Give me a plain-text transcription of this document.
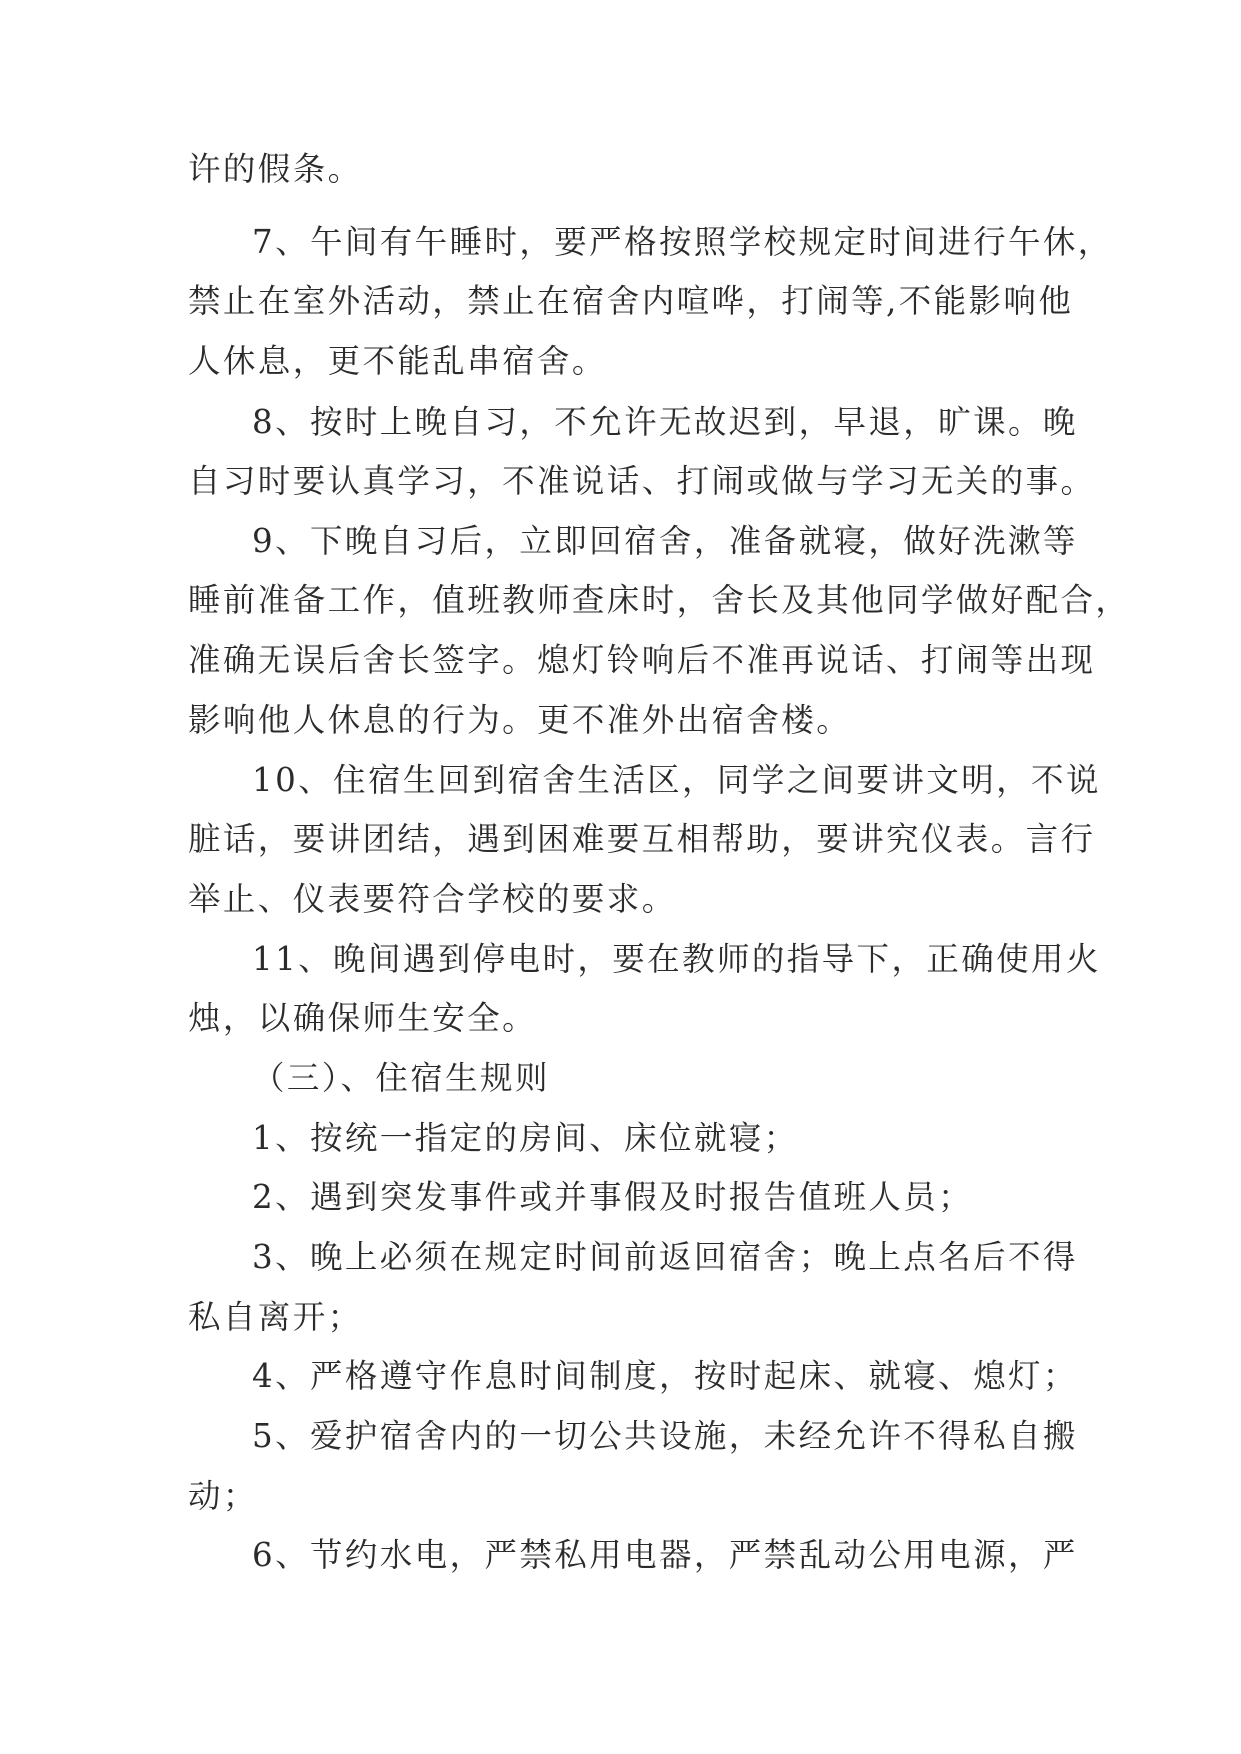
许的假条。
7、午间有午睡时，要严格按照学校规定时间进行午休，
禁止在室外活动，禁止在宿舍内喧哗，打闹等,不能影响他
人休息，更不能乱串宿舍。
8、按时上晚自习，不允许无故迟到，早退，旷课。晚
自习时要认真学习，不准说话、打闹或做与学习无关的事。
9、下晚自习后，立即回宿舍，准备就寝，做好洗漱等
睡前准备工作，值班教师查床时，舍长及其他同学做好配合，
准确无误后舍长签字。熄灯铃响后不准再说话、打闹等出现
影响他人休息的行为。更不准外出宿舍楼。
10、住宿生回到宿舍生活区，同学之间要讲文明，不说
脏话，要讲团结，遇到困难要互相帮助，要讲究仪表。言行
举止、仪表要符合学校的要求。
11、晚间遇到停电时，要在教师的指导下，正确使用火
烛，以确保师生安全。
（三）、住宿生规则
1、按统一指定的房间、床位就寝；
2、遇到突发事件或并事假及时报告值班人员；
3、晚上必须在规定时间前返回宿舍；晚上点名后不得
私自离开；
4、严格遵守作息时间制度，按时起床、就寝、熄灯；
5、爱护宿舍内的一切公共设施，未经允许不得私自搬
动；
6、节约水电，严禁私用电器，严禁乱动公用电源，严
